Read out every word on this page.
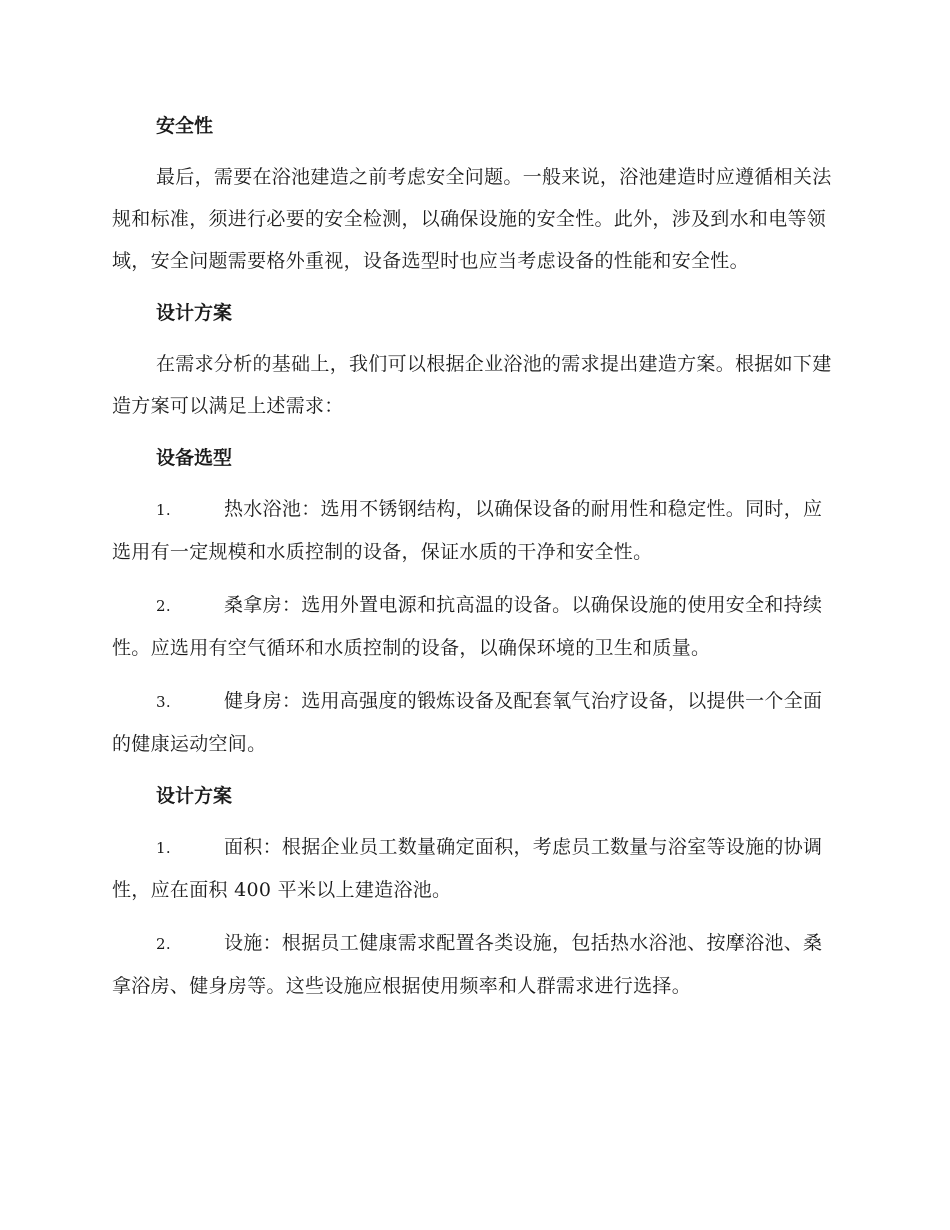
安全性

最后，需要在浴池建造之前考虑安全问题。一般来说，浴池建造时应遵循相关法规和标准，须进行必要的安全检测，以确保设施的安全性。此外，涉及到水和电等领域，安全问题需要格外重视，设备选型时也应当考虑设备的性能和安全性。

设计方案

在需求分析的基础上，我们可以根据企业浴池的需求提出建造方案。根据如下建造方案可以满足上述需求：

设备选型

1.	热水浴池：选用不锈钢结构，以确保设备的耐用性和稳定性。同时，应选用有一定规模和水质控制的设备，保证水质的干净和安全性。

2.	桑拿房：选用外置电源和抗高温的设备。以确保设施的使用安全和持续性。应选用有空气循环和水质控制的设备，以确保环境的卫生和质量。

3.	健身房：选用高强度的锻炼设备及配套氧气治疗设备，以提供一个全面的健康运动空间。

设计方案

1.	面积：根据企业员工数量确定面积，考虑员工数量与浴室等设施的协调性，应在面积 400 平米以上建造浴池。

2.	设施：根据员工健康需求配置各类设施，包括热水浴池、按摩浴池、桑拿浴房、健身房等。这些设施应根据使用频率和人群需求进行选择。
